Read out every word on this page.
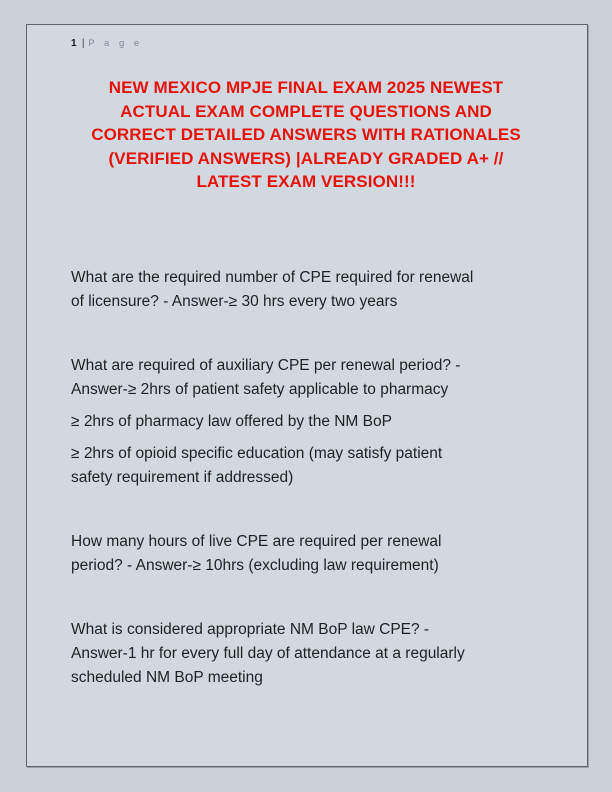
1 | P a g e
NEW MEXICO MPJE FINAL EXAM 2025 NEWEST
ACTUAL EXAM COMPLETE QUESTIONS AND
CORRECT DETAILED ANSWERS WITH RATIONALES
(VERIFIED ANSWERS) |ALREADY GRADED A+ //
LATEST EXAM VERSION!!!
What are the required number of CPE required for renewal
of licensure? - Answer-≥ 30 hrs every two years
What are required of auxiliary CPE per renewal period? -
Answer-≥ 2hrs of patient safety applicable to pharmacy
≥ 2hrs of pharmacy law offered by the NM BoP
≥ 2hrs of opioid specific education (may satisfy patient
safety requirement if addressed)
How many hours of live CPE are required per renewal
period? - Answer-≥ 10hrs (excluding law requirement)
What is considered appropriate NM BoP law CPE? -
Answer-1 hr for every full day of attendance at a regularly
scheduled NM BoP meeting
